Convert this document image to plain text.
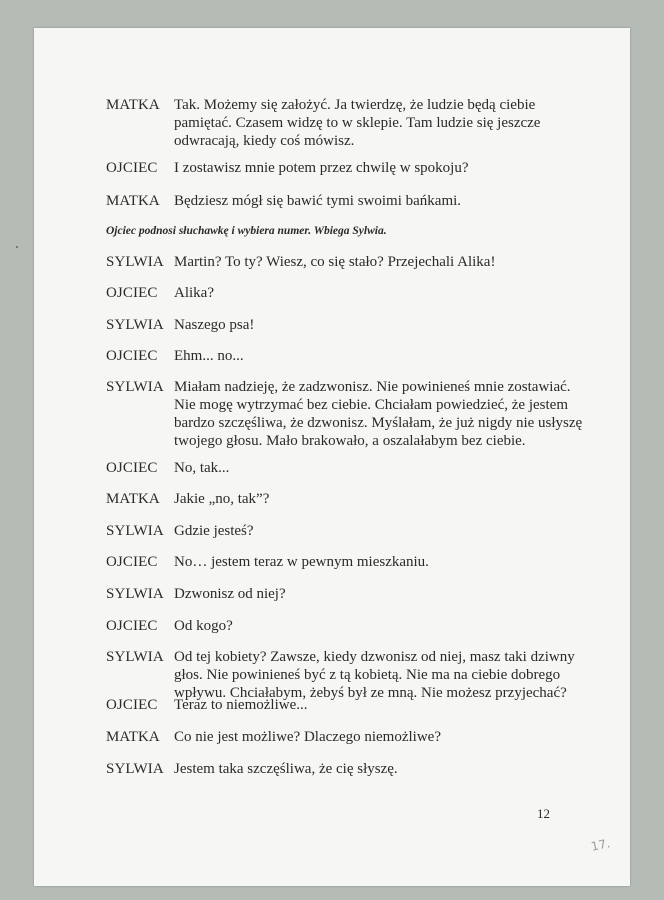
MATKA Tak. Możemy się założyć. Ja twierdzę, że ludzie będą ciebie
pamiętać. Czasem widzę to w sklepie. Tam ludzie się jeszcze
odwracają, kiedy coś mówisz.
OJCIEC	I zostawisz mnie potem przez chwilę w spokoju?
MATKA Będziesz mógł się bawić tymi swoimi bańkami.
Ojciec podnosi słuchawkę i wybiera numer. Wbiega Sylwia.
SYLWIA Martin? To ty? Wiesz, co się stało? Przejechali Alika!
OJCIEC	Alika?
SYLWIA Naszego psa!
OJCIEC	Ehm... no...
SYLWIA Miałam nadzieję, że zadzwonisz. Nie powinieneś mnie zostawiać.
Nie mogę wytrzymać bez ciebie. Chciałam powiedzieć, że jestem
bardzo szczęśliwa, że dzwonisz. Myślałam, że już nigdy nie usłyszę
twojego głosu. Mało brakowało, a oszalałabym bez ciebie.
OJCIEC	No, tak...
MATKA Jakie „no, tak”?
SYLWIA Gdzie jesteś?
OJCIEC	No… jestem teraz w pewnym mieszkaniu.
SYLWIA Dzwonisz od niej?
OJCIEC	Od kogo?
SYLWIA Od tej kobiety? Zawsze, kiedy dzwonisz od niej, masz taki dziwny
głos. Nie powinieneś być z tą kobietą. Nie ma na ciebie dobrego
wpływu. Chciałabym, żebyś był ze mną. Nie możesz przyjechać?
OJCIEC	Teraz to niemożliwe...
MATKA Co nie jest możliwe? Dlaczego niemożliwe?
SYLWIA Jestem taka szczęśliwa, że cię słyszę.
12
17.
